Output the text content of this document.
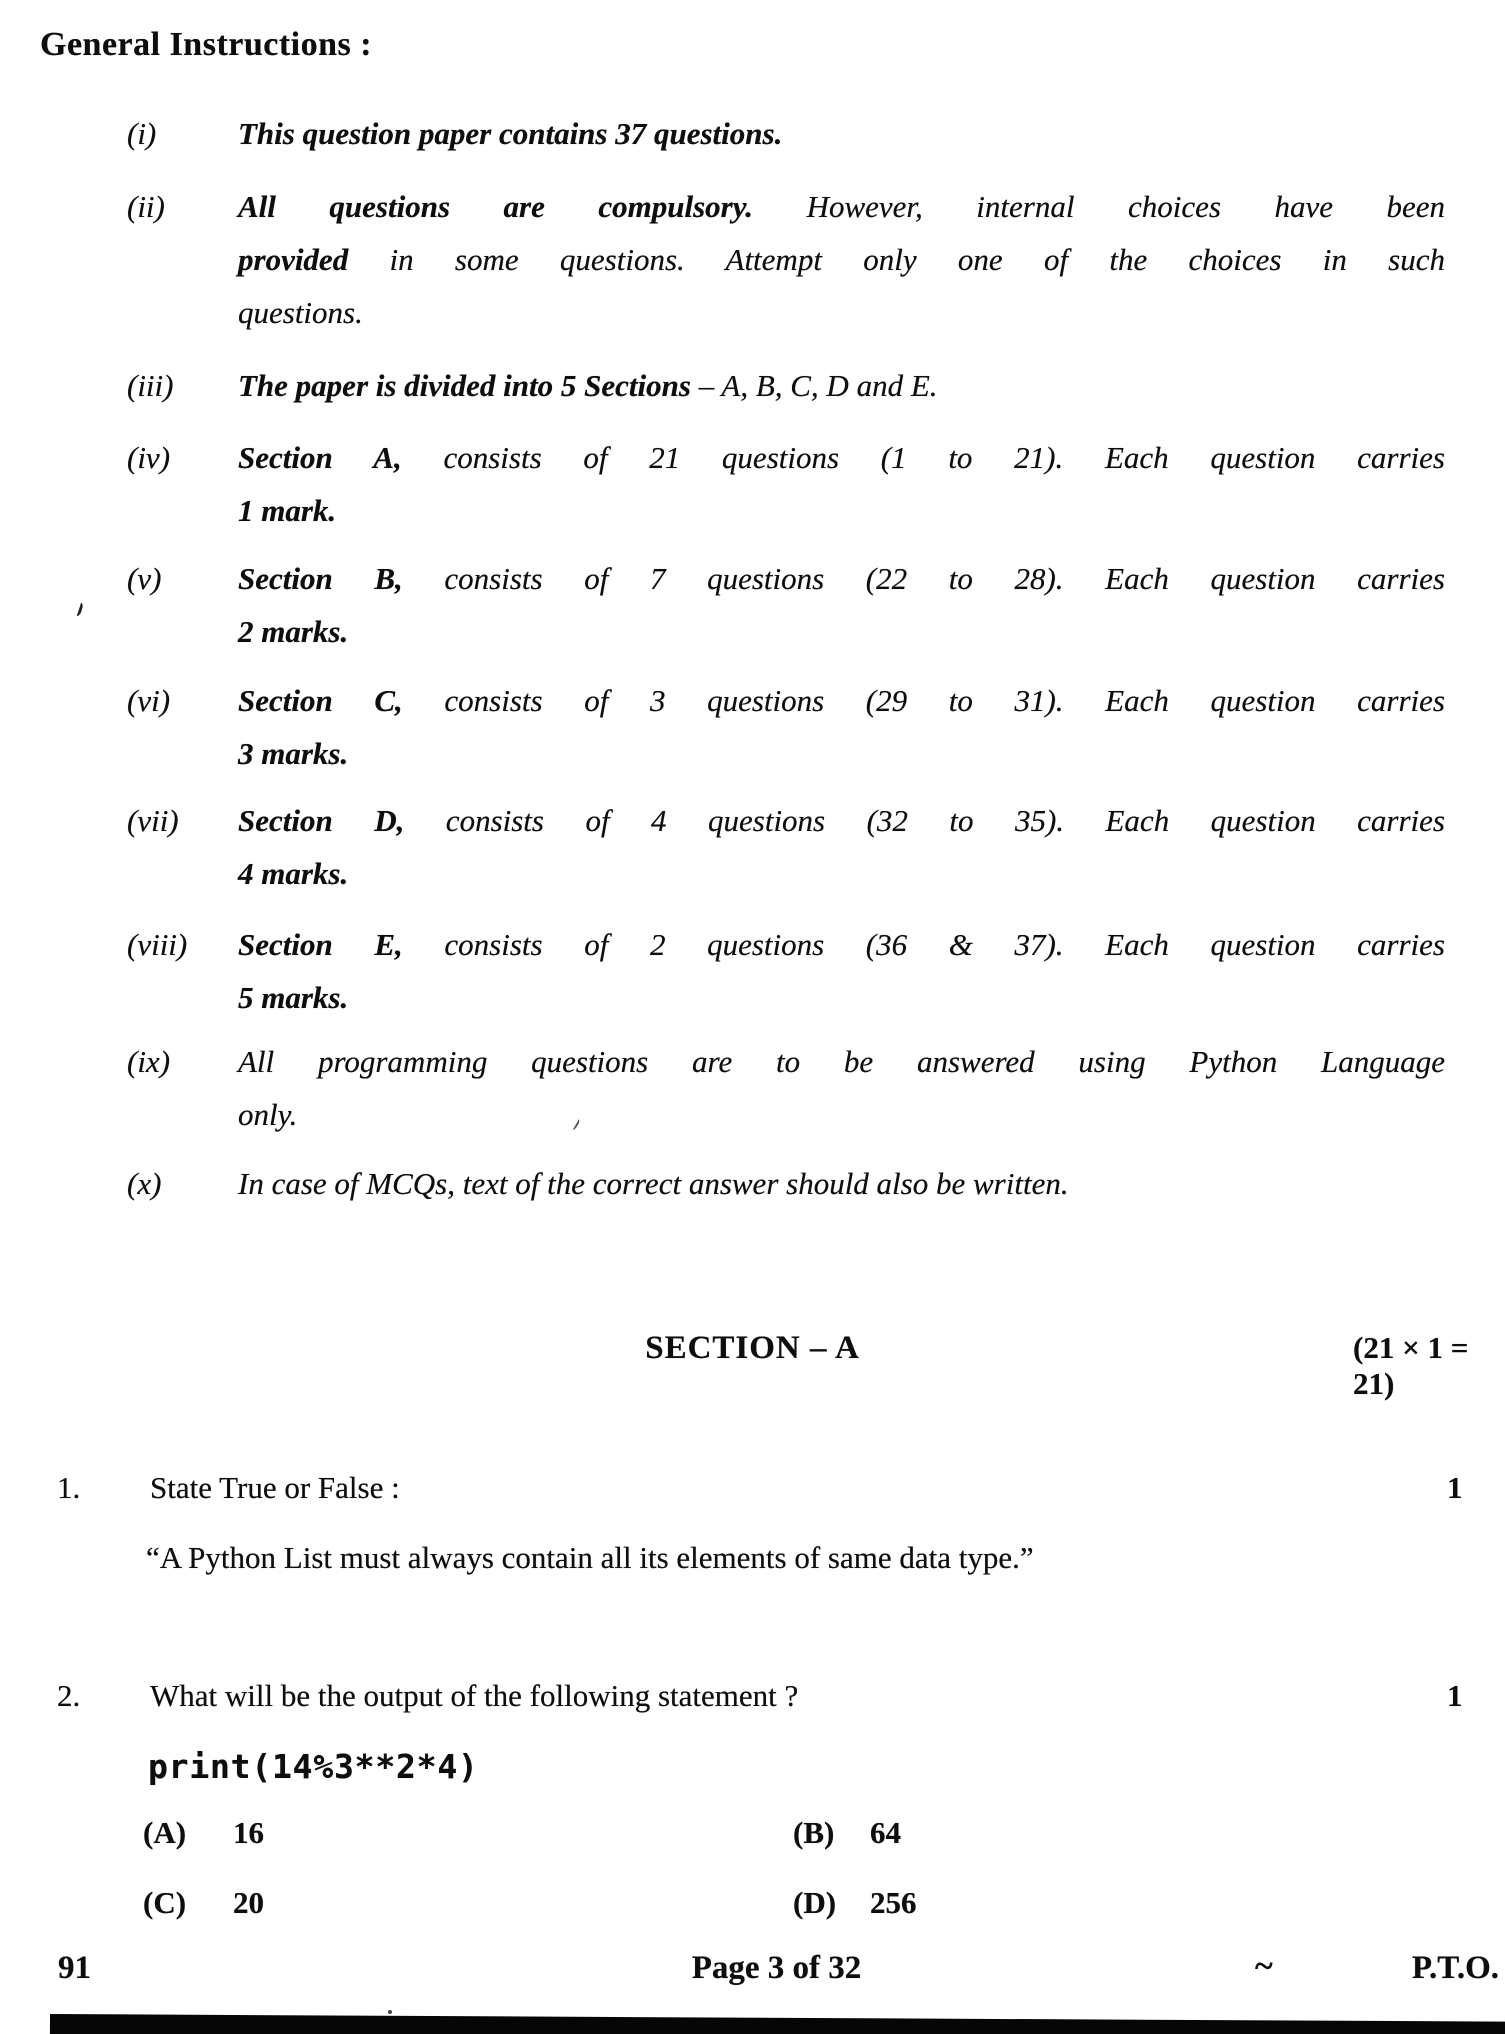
General Instructions :
(i)	This question paper contains 37 questions.
(ii) All questions are compulsory. However, internal choices have been
provided in some questions. Attempt only one of the choices in such
questions.
(iii) The paper is divided into 5 Sections – A, B, C, D and E.
(iv) Section A, consists of 21 questions (1 to 21). Each question carries
1 mark.
(v) Section B, consists of 7 questions (22 to 28). Each question carries
2 marks.
(vi) Section C, consists of 3 questions (29 to 31). Each question carries
3 marks.
(vii) Section D, consists of 4 questions (32 to 35). Each question carries
4 marks.
(viii) Section E, consists of 2 questions (36 & 37). Each question carries
5 marks.
(ix) All programming questions are to be answered using Python Language
only.
(x) In case of MCQs, text of the correct answer should also be written.
SECTION – A	(21 × 1 = 21)
1. State True or False :	1
“A Python List must always contain all its elements of same data type.”
2. What will be the output of the following statement ?	1
print(14%3**2*4)
(A) 16	(B) 64
(C) 20	(D) 256
91	Page 3 of 32	~	P.T.O.
